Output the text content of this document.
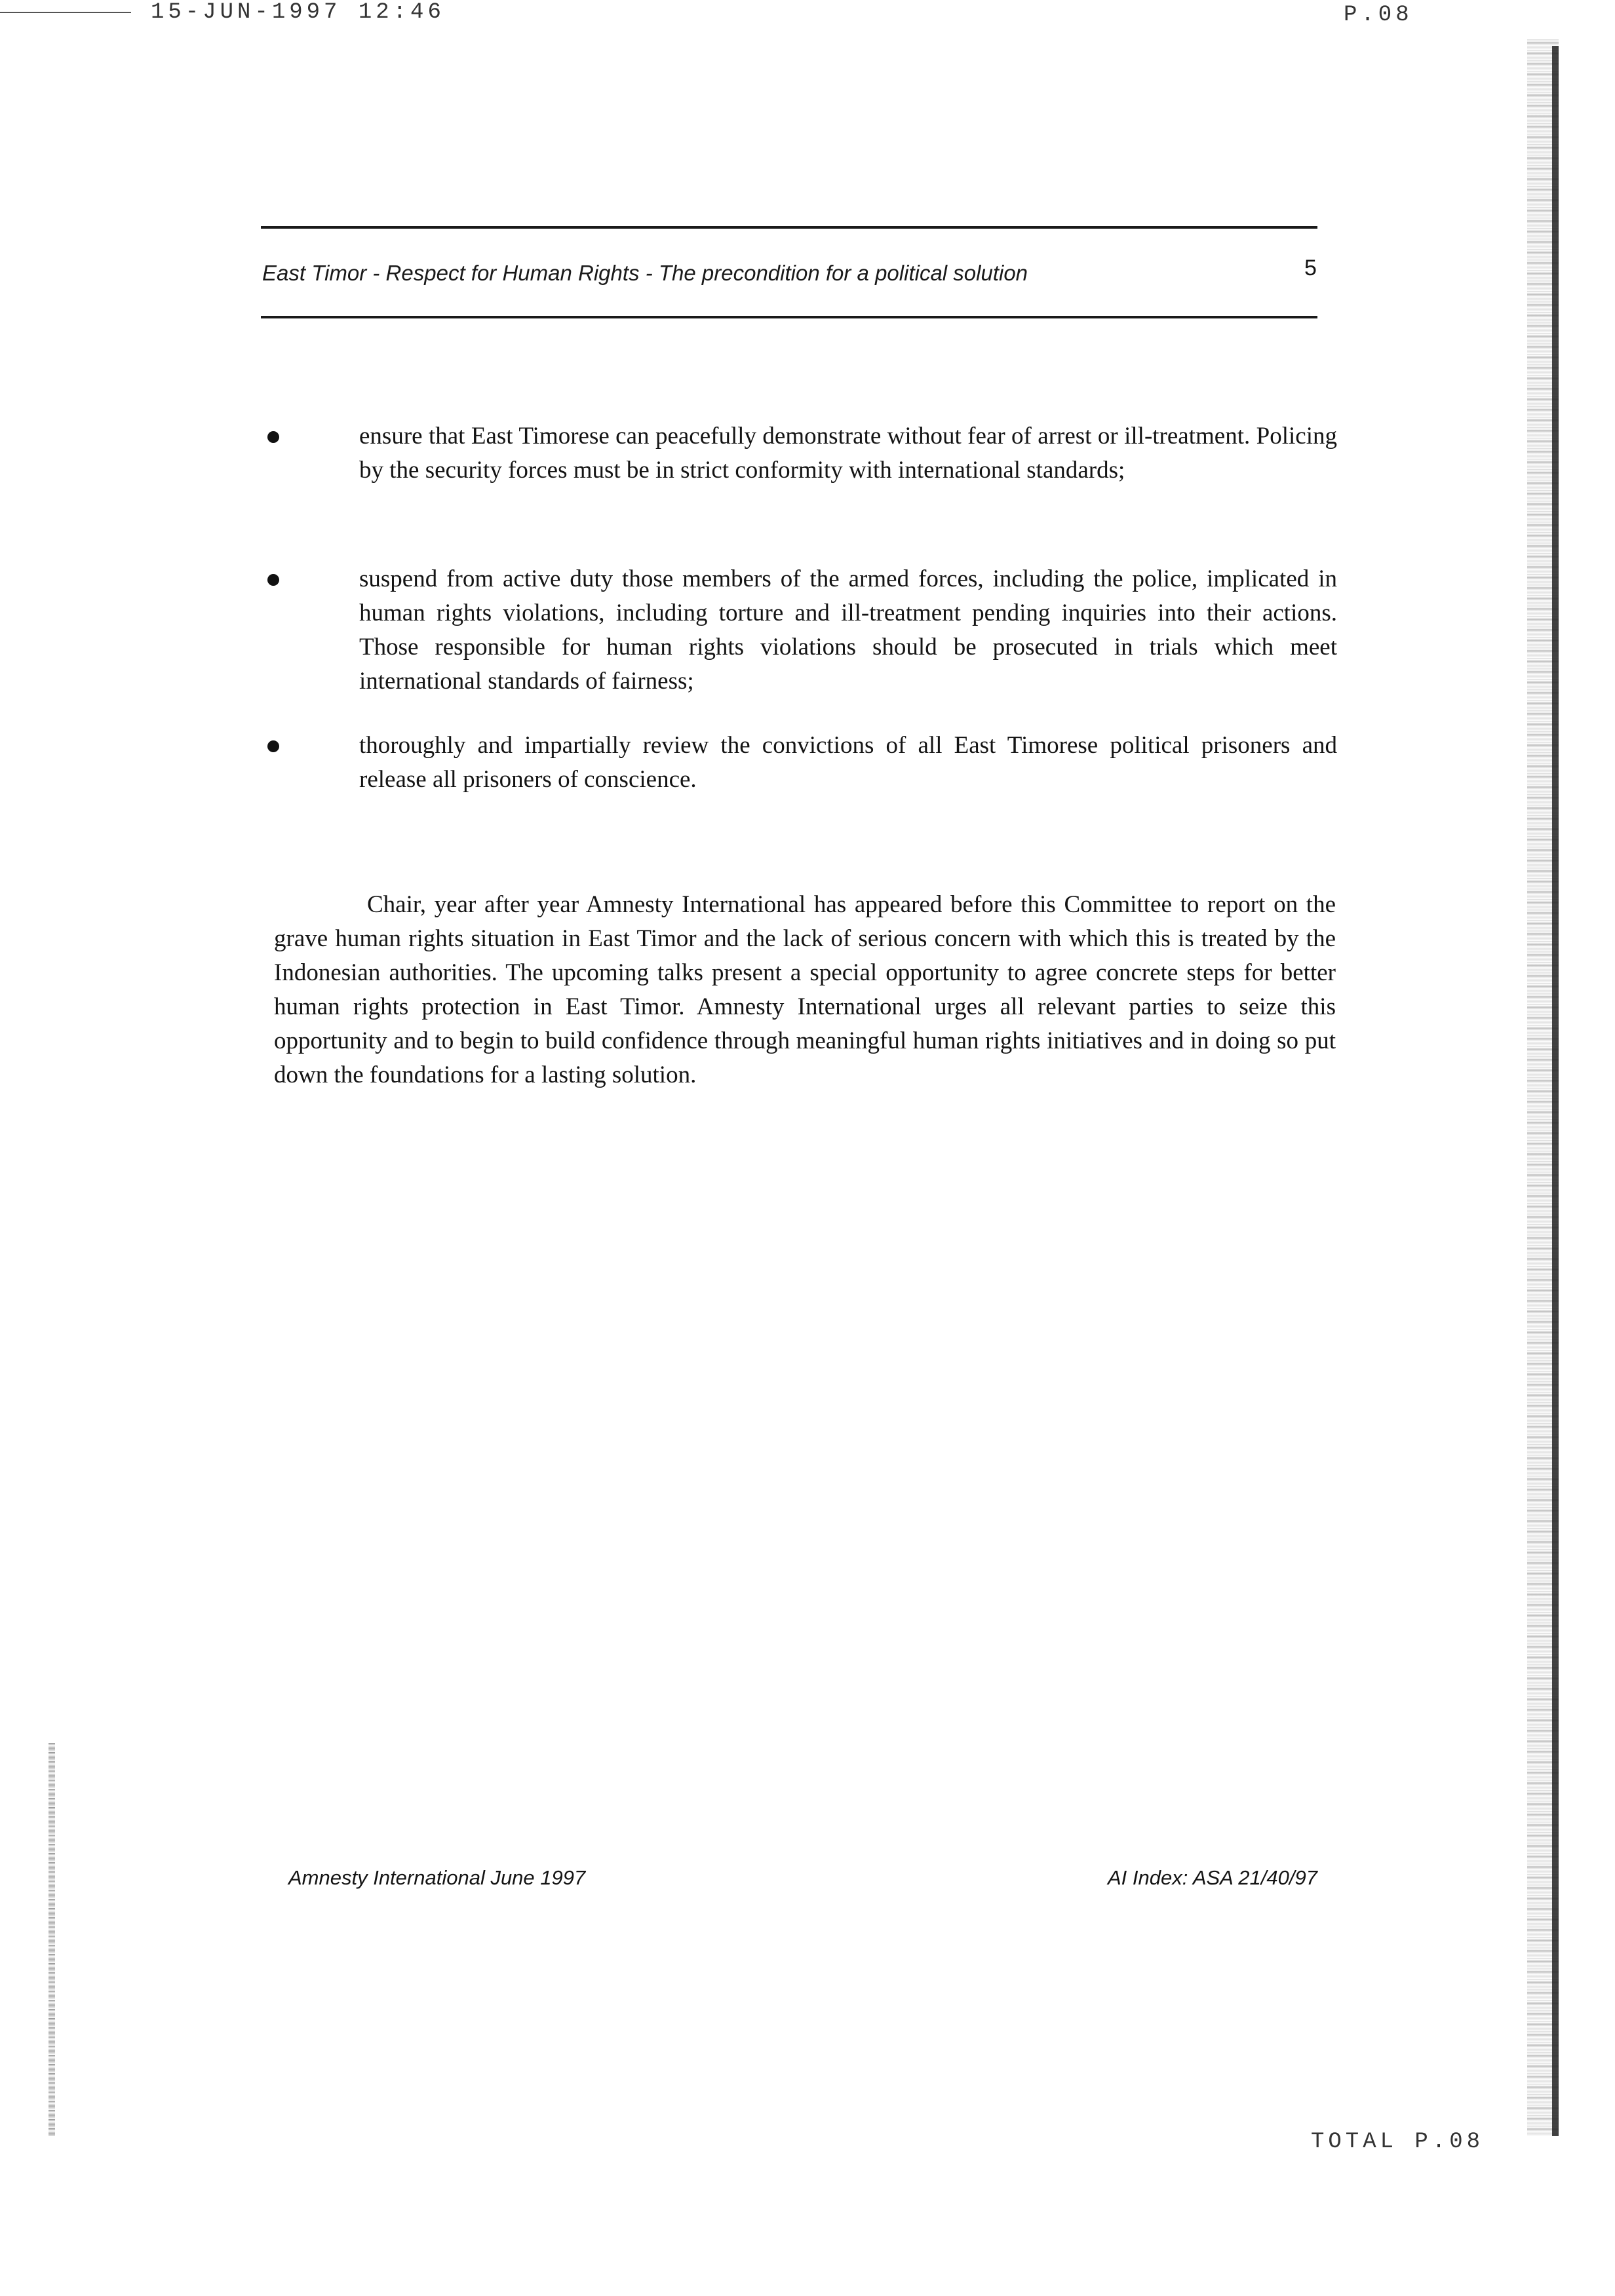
15-JUN-1997 12:46	P.08
East Timor - Respect for Human Rights - The precondition for a political solution	5
ensure that East Timorese can peacefully demonstrate without fear of arrest or ill-treatment. Policing by the security forces must be in strict conformity with international standards;
suspend from active duty those members of the armed forces, including the police, implicated in human rights violations, including torture and ill-treatment pending inquiries into their actions. Those responsible for human rights violations should be prosecuted in trials which meet international standards of fairness;
thoroughly and impartially review the convictions of all East Timorese political prisoners and release all prisoners of conscience.

Chair, year after year Amnesty International has appeared before this Committee to report on the grave human rights situation in East Timor and the lack of serious concern with which this is treated by the Indonesian authorities. The upcoming talks present a special opportunity to agree concrete steps for better human rights protection in East Timor. Amnesty International urges all relevant parties to seize this opportunity and to begin to build confidence through meaningful human rights initiatives and in doing so put down the foundations for a lasting solution.

Amnesty International June 1997	AI Index: ASA 21/40/97
TOTAL P.08
